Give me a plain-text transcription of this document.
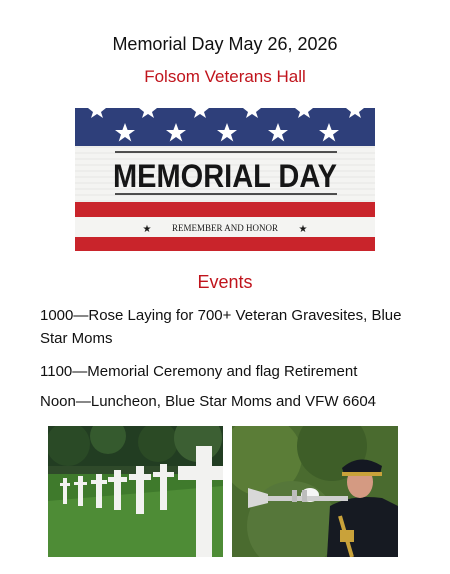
Memorial Day May 26, 2026
Folsom Veterans Hall
MEMORIAL DAY
★ REMEMBER AND HONOR ★
Events
1000—Rose Laying for 700+ Veteran Gravesites, Blue Star Moms
1100—Memorial Ceremony and flag Retirement
Noon—Luncheon, Blue Star Moms and VFW 6604
